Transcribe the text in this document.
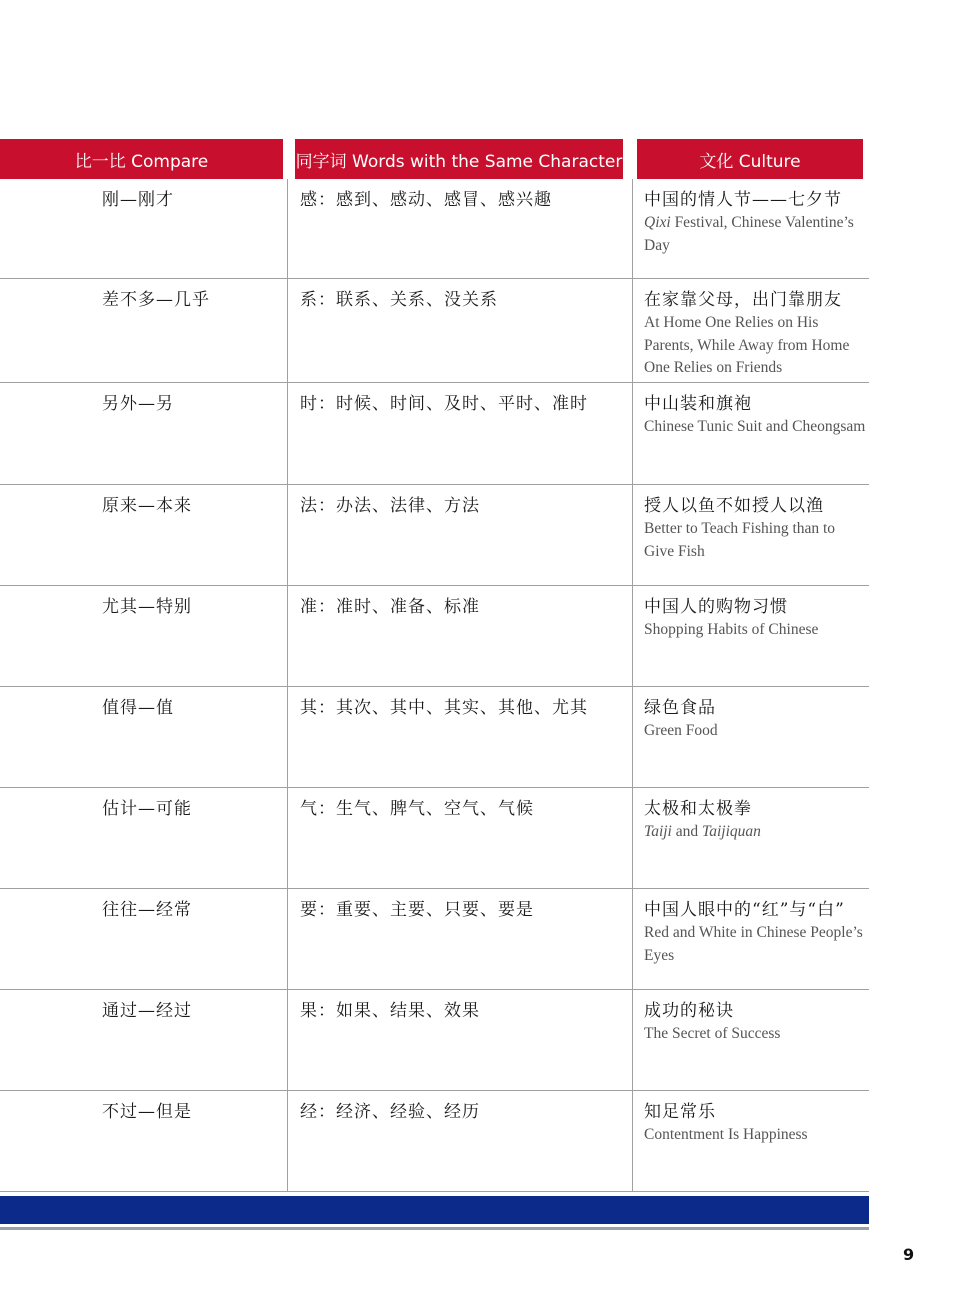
比一比 Compare	同字词 Words with the Same Character	文化 Culture
刚—刚才	感：感到、感动、感冒、感兴趣	中国的情人节——七夕节
Qixi Festival, Chinese Valentine’s Day
差不多—几乎	系：联系、关系、没关系	在家靠父母，出门靠朋友
At Home One Relies on His Parents, While Away from Home One Relies on Friends
另外—另	时：时候、时间、及时、平时、准时	中山装和旗袍
Chinese Tunic Suit and Cheongsam
原来—本来	法：办法、法律、方法	授人以鱼不如授人以渔
Better to Teach Fishing than to Give Fish
尤其—特别	准：准时、准备、标准	中国人的购物习惯
Shopping Habits of Chinese
值得—值	其：其次、其中、其实、其他、尤其	绿色食品
Green Food
估计—可能	气：生气、脾气、空气、气候	太极和太极拳
Taiji and Taijiquan
往往—经常	要：重要、主要、只要、要是	中国人眼中的“红”与“白”
Red and White in Chinese People’s Eyes
通过—经过	果：如果、结果、效果	成功的秘诀
The Secret of Success
不过—但是	经：经济、经验、经历	知足常乐
Contentment Is Happiness
9
